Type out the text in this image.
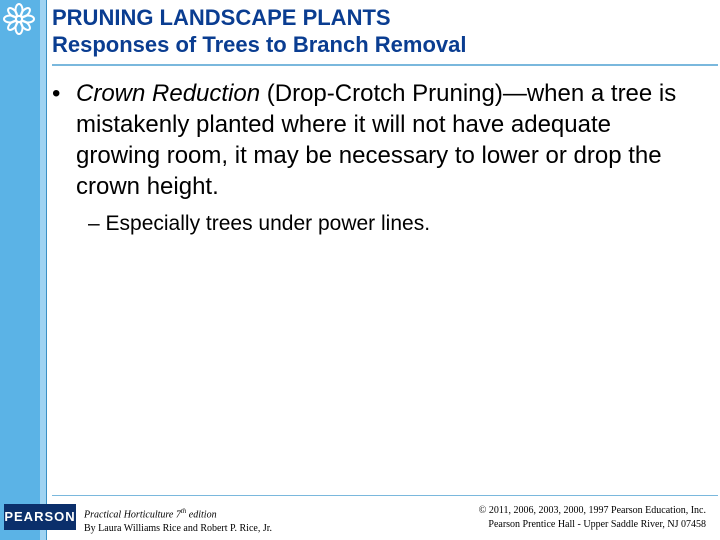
PRUNING LANDSCAPE PLANTS
Responses of Trees to Branch Removal
• Crown Reduction (Drop-Crotch Pruning)—when a tree is mistakenly planted where it will not have adequate growing room, it may be necessary to lower or drop the crown height.
– Especially trees under power lines.
PEARSON Practical Horticulture 7th edition
By Laura Williams Rice and Robert P. Rice, Jr.
© 2011, 2006, 2003, 2000, 1997 Pearson Education, Inc.
Pearson Prentice Hall - Upper Saddle River, NJ 07458
